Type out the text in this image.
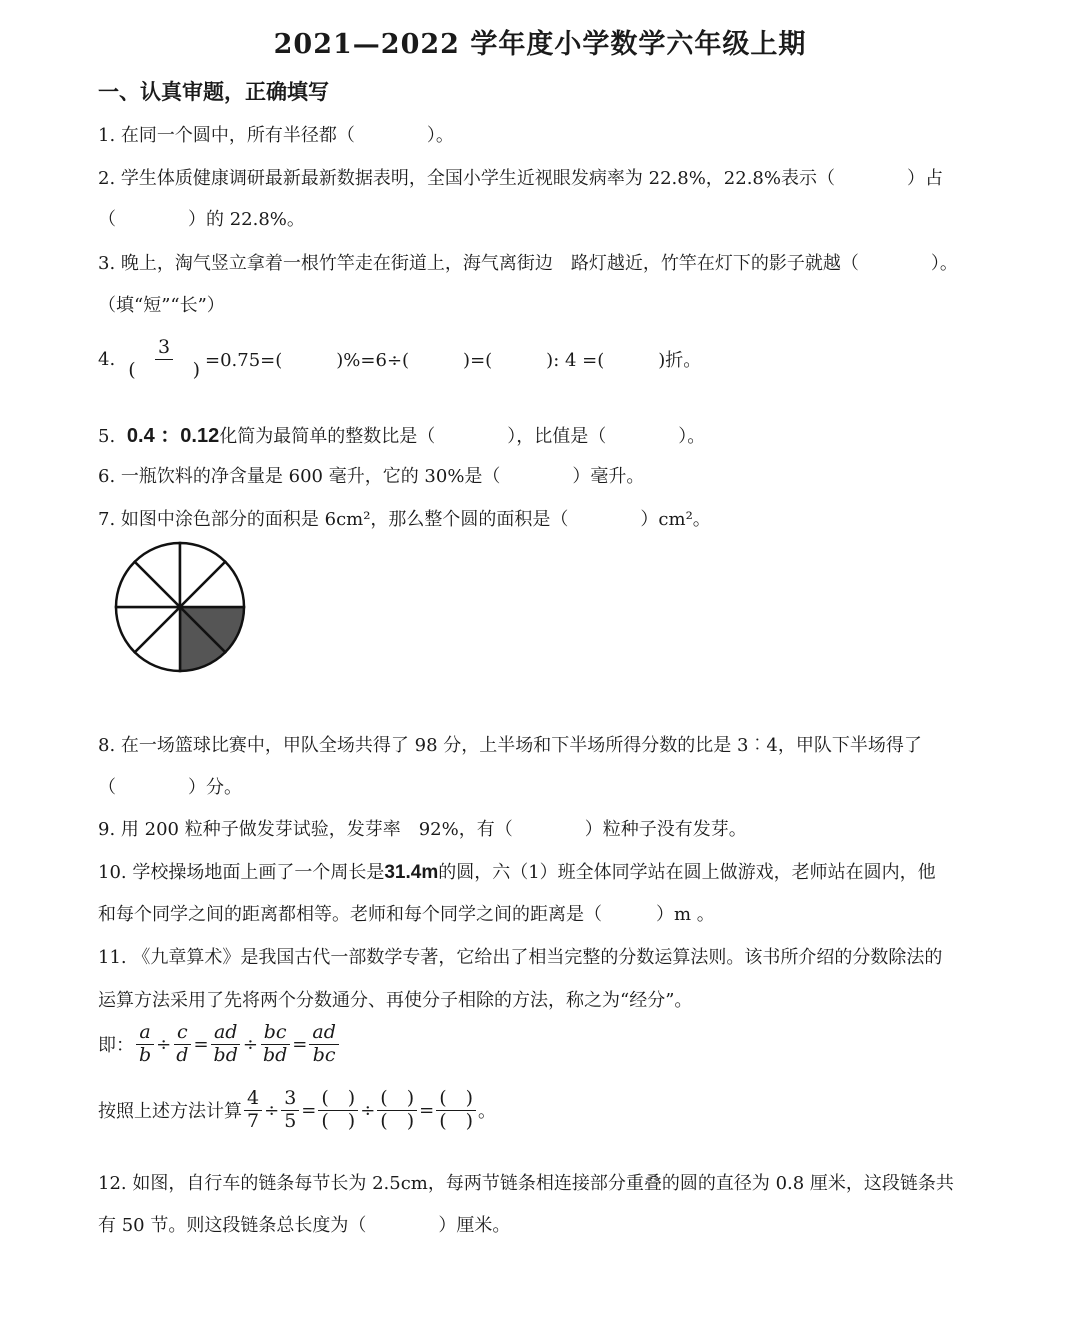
2021—2022 学年度小学数学六年级上期
一、认真审题，正确填写
1. 在同一个圆中，所有半径都（　　　　）。
2. 学生体质健康调研最新最新数据表明，全国小学生近视眼发病率为 22.8%，22.8%表示（　　　　）占
（　　　　）的 22.8%。
3. 晚上，淘气竖立拿着一根竹竿走在街道上，海气离街边　路灯越近，竹竿在灯下的影子就越（　　　　）。
（填“短”“长”）
4. $\frac{3}{( )} =0.75=$(　　　)%=6÷(　　　)=(　　　): 4 =(　　　)折。
5. 0.4 ：0.12化简为最简单的整数比是（　　　　），比值是（　　　　）。
6. 一瓶饮料的净含量是 600 毫升，它的 30%是（　　　　）毫升。
7. 如图中涂色部分的面积是 6cm²，那么整个圆的面积是（　　　　）cm²。
8. 在一场篮球比赛中，甲队全场共得了 98 分，上半场和下半场所得分数的比是 3︰4，甲队下半场得了
（　　　　）分。
9. 用 200 粒种子做发芽试验，发芽率　92%，有（　　　　）粒种子没有发芽。
10. 学校操场地面上画了一个周长是31.4m的圆，六（1）班全体同学站在圆上做游戏，老师站在圆内，他
和每个同学之间的距离都相等。老师和每个同学之间的距离是（　　　）m 。
11. 《九章算术》是我国古代一部数学专著，它给出了相当完整的分数运算法则。该书所介绍的分数除法的
运算方法采用了先将两个分数通分、再使分子相除的方法，称之为“经分”。
即： $\frac{a}{b} \div \frac{c}{d} = \frac{ad}{bd} \div \frac{bc}{bd} = \frac{ad}{bc}$
按照上述方法计算 $\frac{4}{7} \div \frac{3}{5} = \frac{( )}{( )} \div \frac{( )}{( )} = \frac{( )}{( )}$ 。
12. 如图，自行车的链条每节长为 2.5cm，每两节链条相连接部分重叠的圆的直径为 0.8 厘米，这段链条共
有 50 节。则这段链条总长度为（　　　　）厘米。
